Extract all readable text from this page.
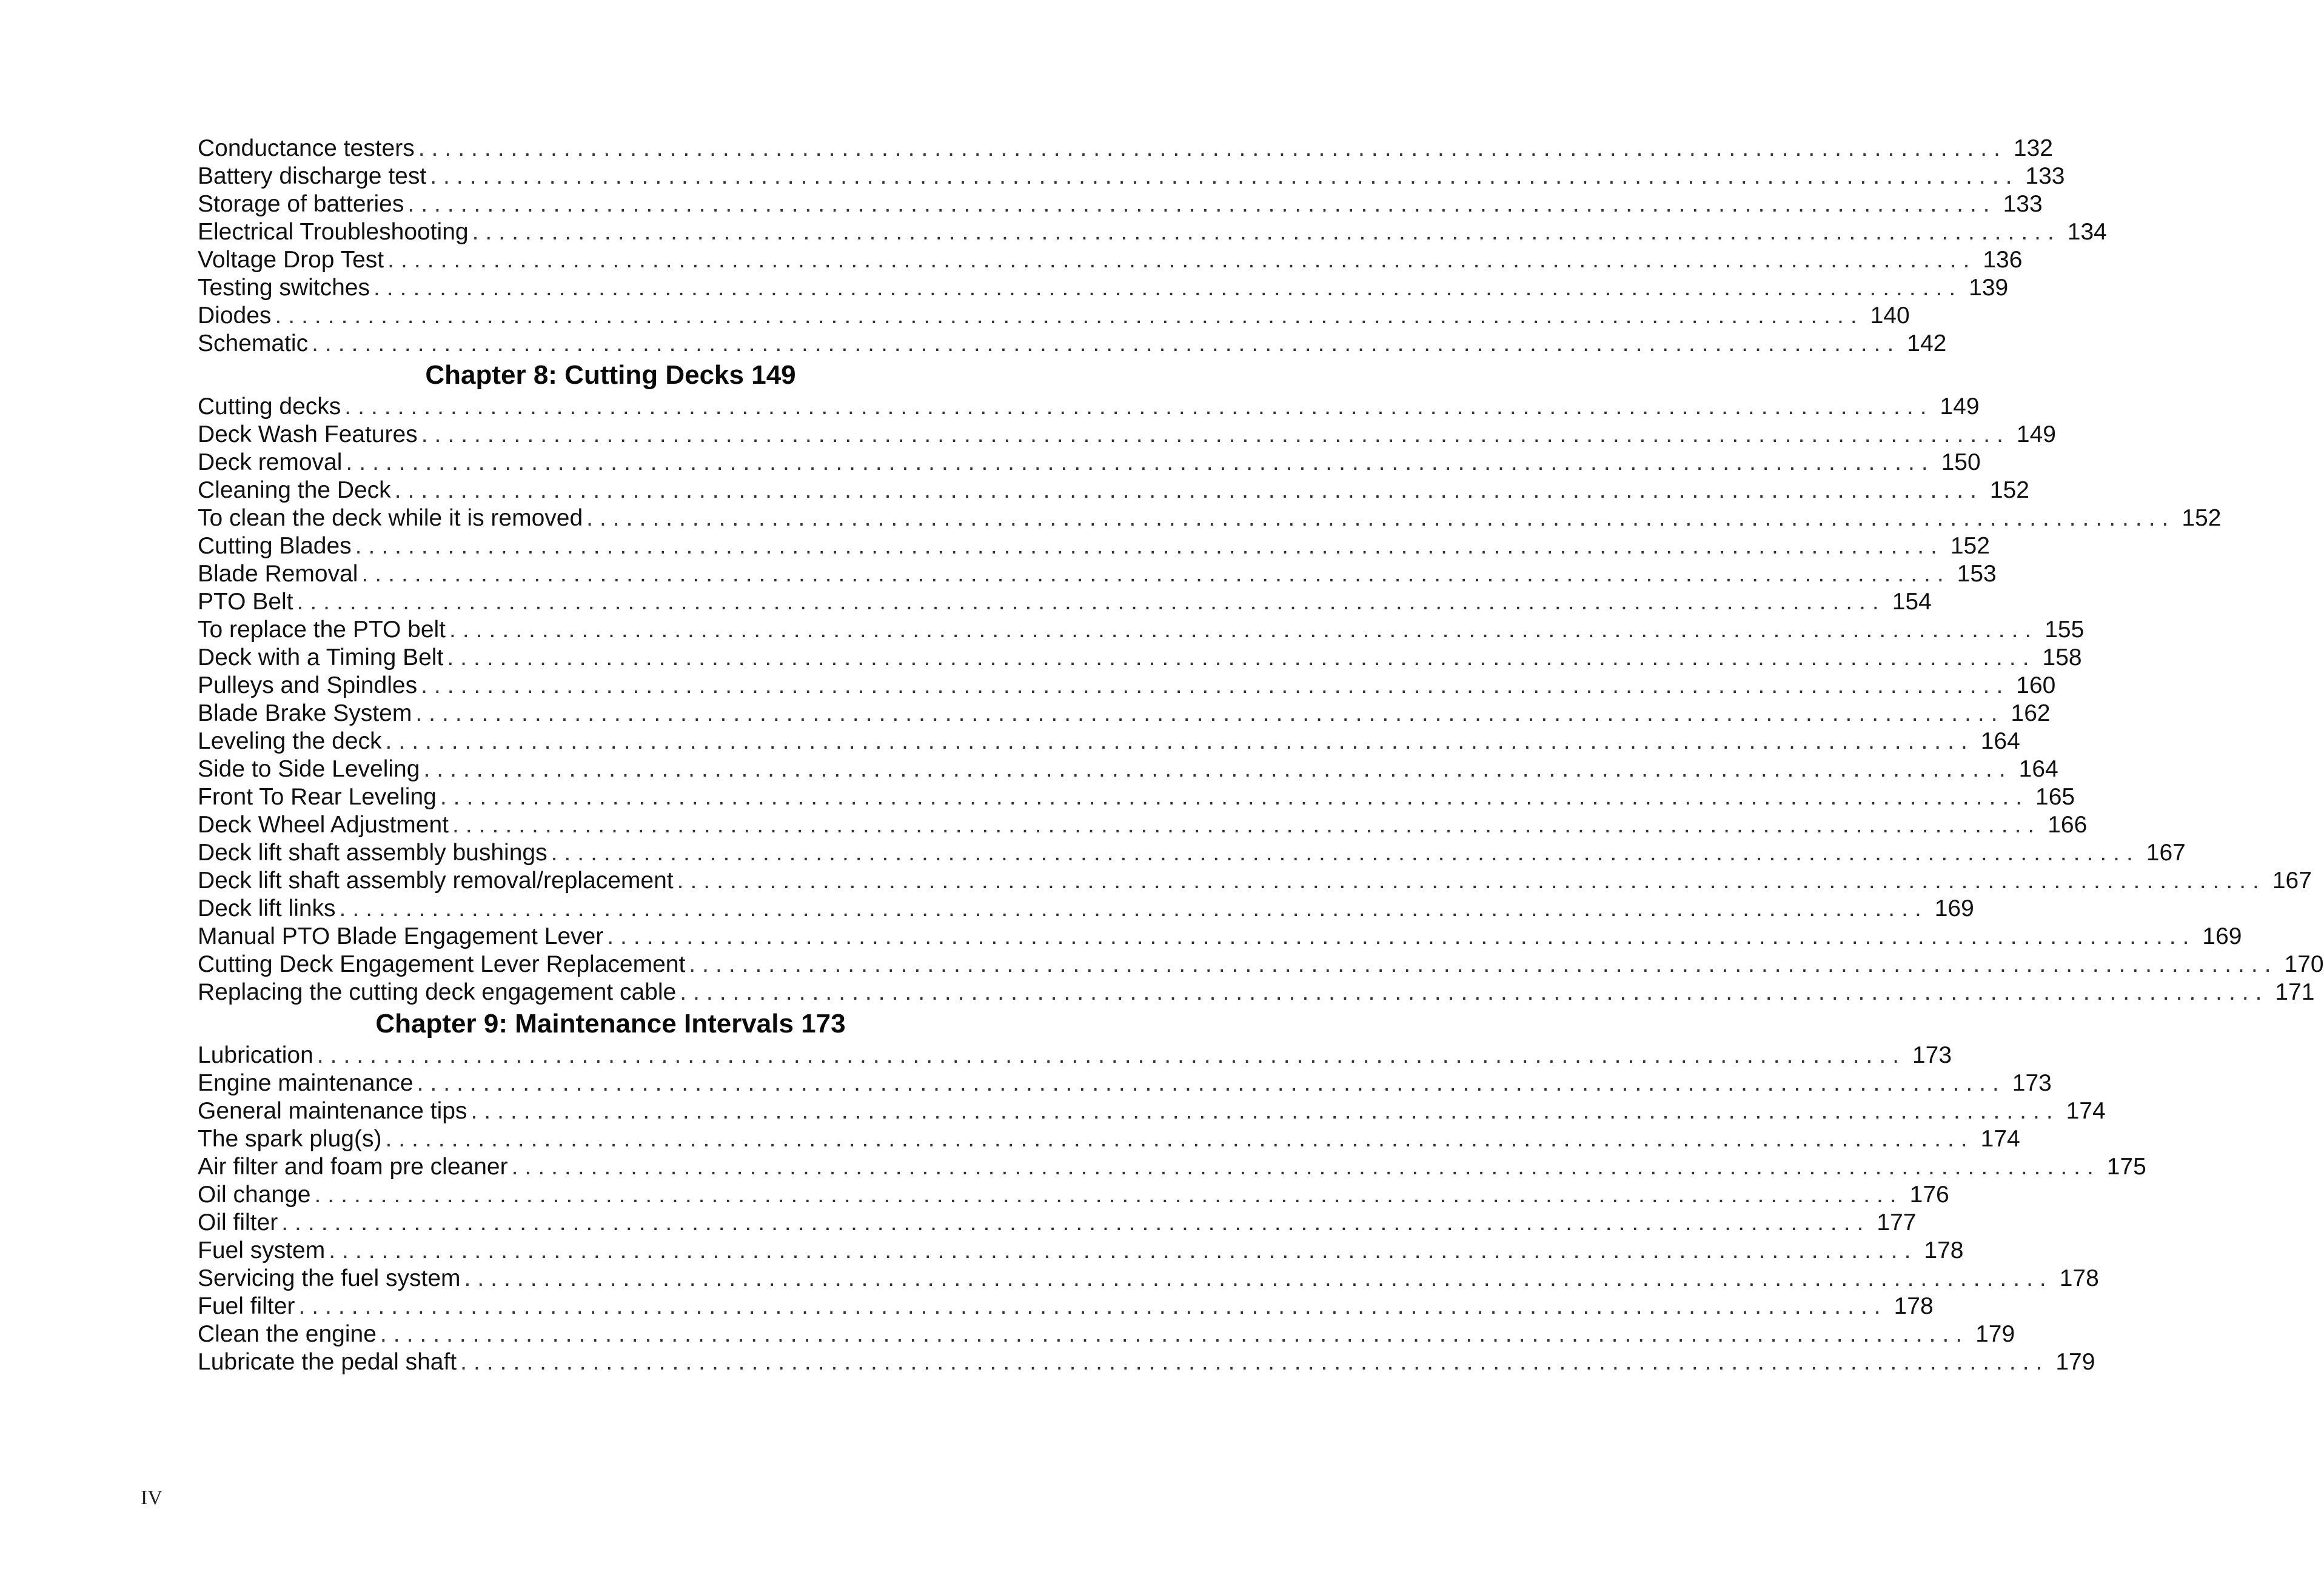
Conductance testers ........................................................................................................................ 132
Battery discharge test ........................................................................................................................ 133
Storage of batteries ........................................................................................................................ 133
Electrical Troubleshooting ........................................................................................................................ 134
Voltage Drop Test ........................................................................................................................ 136
Testing switches ........................................................................................................................ 139
Diodes ........................................................................................................................ 140
Schematic ........................................................................................................................ 142
Chapter 8: Cutting Decks 149
Cutting decks ........................................................................................................................ 149
Deck Wash Features ........................................................................................................................ 149
Deck removal ........................................................................................................................ 150
Cleaning the Deck ........................................................................................................................ 152
To clean the deck while it is removed ........................................................................................................................ 152
Cutting Blades ........................................................................................................................ 152
Blade Removal ........................................................................................................................ 153
PTO Belt ........................................................................................................................ 154
To replace the PTO belt ........................................................................................................................ 155
Deck with a Timing Belt ........................................................................................................................ 158
Pulleys and Spindles ........................................................................................................................ 160
Blade Brake System ........................................................................................................................ 162
Leveling the deck ........................................................................................................................ 164
Side to Side Leveling ........................................................................................................................ 164
Front To Rear Leveling ........................................................................................................................ 165
Deck Wheel Adjustment ........................................................................................................................ 166
Deck lift shaft assembly bushings ........................................................................................................................ 167
Deck lift shaft assembly removal/replacement ........................................................................................................................ 167
Deck lift links ........................................................................................................................ 169
Manual PTO Blade Engagement Lever ........................................................................................................................ 169
Cutting Deck Engagement Lever Replacement ........................................................................................................................ 170
Replacing the cutting deck engagement cable ........................................................................................................................ 171
Chapter 9: Maintenance Intervals 173
Lubrication ........................................................................................................................ 173
Engine maintenance ........................................................................................................................ 173
General maintenance tips ........................................................................................................................ 174
The spark plug(s) ........................................................................................................................ 174
Air filter and foam pre cleaner ........................................................................................................................ 175
Oil change ........................................................................................................................ 176
Oil filter ........................................................................................................................ 177
Fuel system ........................................................................................................................ 178
Servicing the fuel system ........................................................................................................................ 178
Fuel filter ........................................................................................................................ 178
Clean the engine ........................................................................................................................ 179
Lubricate the pedal shaft ........................................................................................................................ 179
IV
